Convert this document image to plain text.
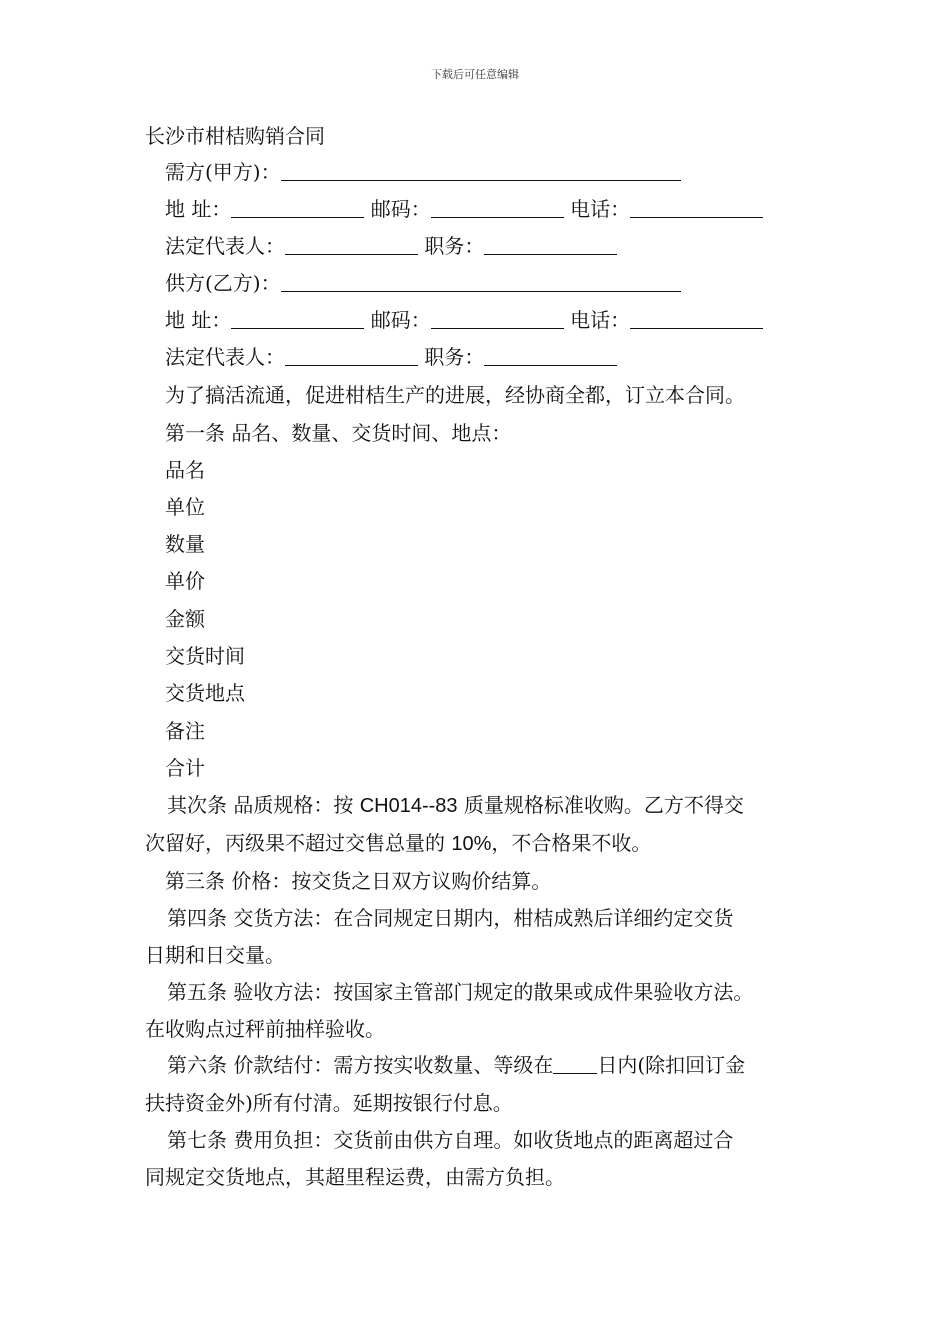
下载后可任意编辑
长沙市柑桔购销合同
需方(甲方)：
地 址：	邮码：	电话：
法定代表人：	职务：
供方(乙方)：
地 址：	邮码：	电话：
法定代表人：	职务：
为了搞活流通，促进柑桔生产的进展，经协商全都，订立本合同。
第一条 品名、数量、交货时间、地点：
品名
单位
数量
单价
金额
交货时间
交货地点
备注
合计
其次条 品质规格：按 CH014--83 质量规格标准收购。乙方不得交
次留好，丙级果不超过交售总量的 10%，不合格果不收。
第三条 价格：按交货之日双方议购价结算。
第四条 交货方法：在合同规定日期内，柑桔成熟后详细约定交货
日期和日交量。
第五条 验收方法：按国家主管部门规定的散果或成件果验收方法。
在收购点过秤前抽样验收。
第六条 价款结付：需方按实收数量、等级在 日内(除扣回订金
扶持资金外)所有付清。延期按银行付息。
第七条 费用负担：交货前由供方自理。如收货地点的距离超过合
同规定交货地点，其超里程运费，由需方负担。
